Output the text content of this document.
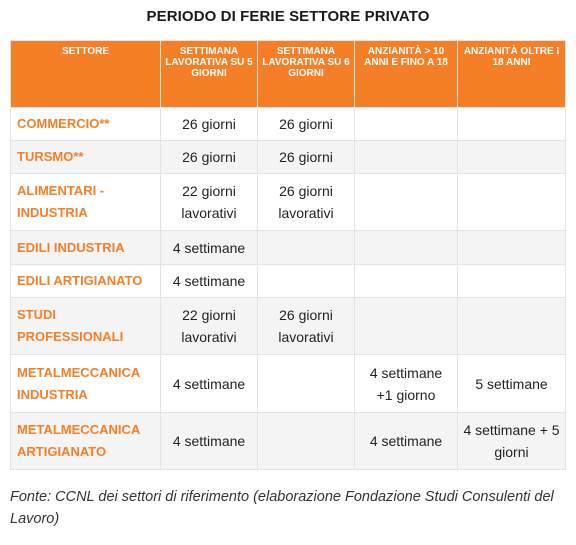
PERIODO DI FERIE SETTORE PRIVATO
SETTORE	SETTIMANA LAVORATIVA SU 5 GIORNI	SETTIMANA LAVORATIVA SU 6 GIORNI	ANZIANITÀ > 10 ANNI E FINO A 18	ANZIANITÀ OLTRE I 18 ANNI
COMMERCIO**	26 giorni	26 giorni		
TURSMO**	26 giorni	26 giorni		
ALIMENTARI - INDUSTRIA	22 giorni lavorativi	26 giorni lavorativi		
EDILI INDUSTRIA	4 settimane			
EDILI ARTIGIANATO	4 settimane			
STUDI PROFESSIONALI	22 giorni lavorativi	26 giorni lavorativi		
METALMECCANICA INDUSTRIA	4 settimane		4 settimane +1 giorno	5 settimane
METALMECCANICA ARTIGIANATO	4 settimane		4 settimane	4 settimane + 5 giorni
Fonte: CCNL dei settori di riferimento (elaborazione Fondazione Studi Consulenti del Lavoro)
